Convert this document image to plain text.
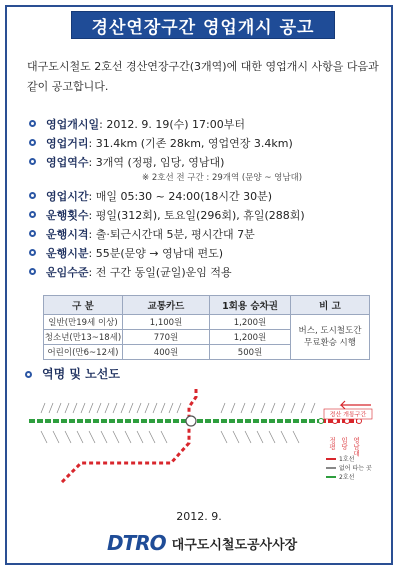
경산연장구간 영업개시 공고
대구도시철도 2호선 경산연장구간(3개역)에 대한 영업개시 사항을 다음과 같이 공고합니다.
영업개시일 : 2012. 9. 19(수) 17:00부터
영업거리 : 31.4km (기존 28km, 영업연장 3.4km)
영업역수 : 3개역 (정평, 임당, 영남대)
※ 2호선 전 구간 : 29개역 (문양 ~ 영남대)
영업시간 : 매일 05:30 ~ 24:00(18시간 30분)
운행횟수 : 평일(312회), 토요일(296회), 휴일(288회)
운행시격 : 출·퇴근시간대 5분, 평시간대 7분
운행시분 : 55분(문양 → 영남대 편도)
운임수준 : 전 구간 동일(균일)운임 적용
구 분	교통카드	1회용 승차권	비 고
일반(만19세 이상)	1,100원	1,200원	버스, 도시철도간
무료환승 시행

청소년(만13~18세)	770원	1,200원	
어린이(만6~12세)	400원	500원	
역명 및 노선도
경산 개통구간
정평 임당 영남대
1호선
없어 타는 곳
2호선
2012. 9.
DTRO 대구도시철도공사사장
